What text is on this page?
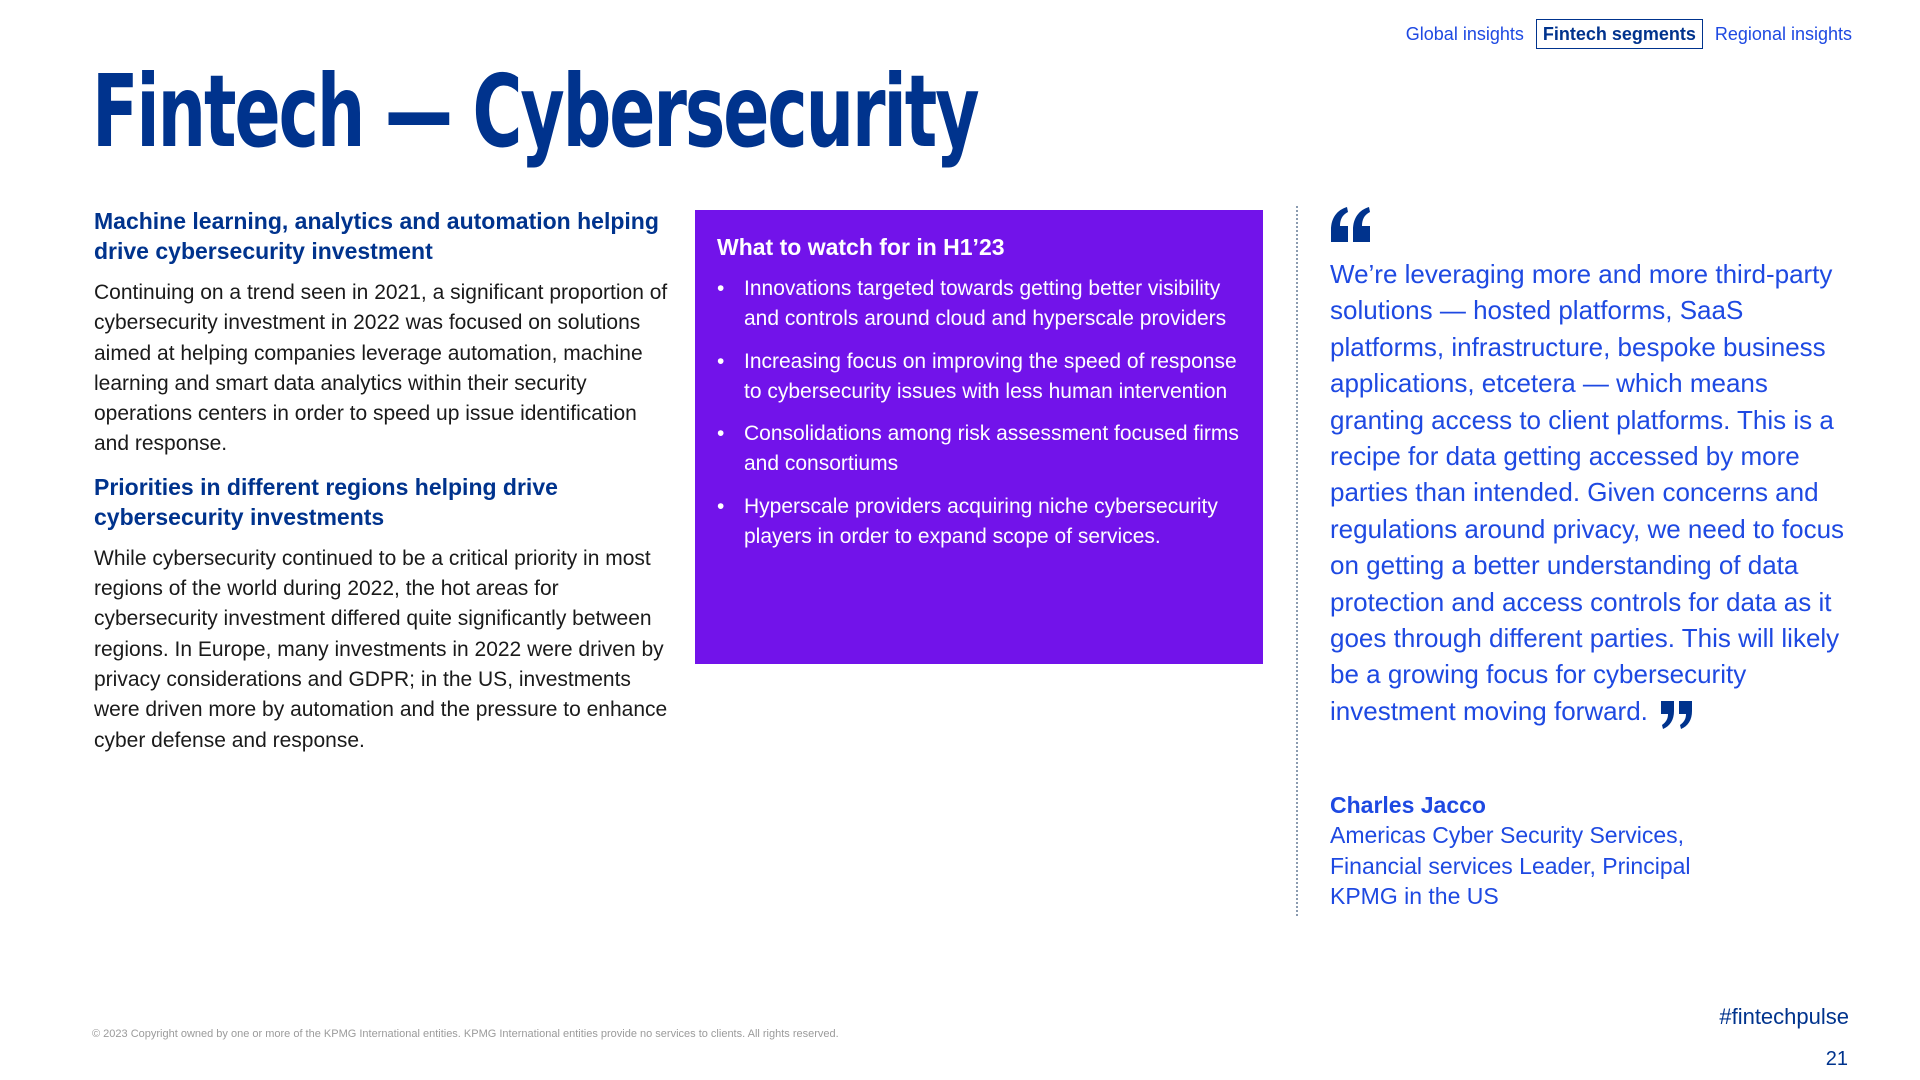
Global insights	Fintech segments	Regional insights
Fintech — Cybersecurity
Machine learning, analytics and automation helping drive cybersecurity investment

Continuing on a trend seen in 2021, a significant proportion of cybersecurity investment in 2022 was focused on solutions aimed at helping companies leverage automation, machine learning and smart data analytics within their security operations centers in order to speed up issue identification and response.

Priorities in different regions helping drive cybersecurity investments

While cybersecurity continued to be a critical priority in most regions of the world during 2022, the hot areas for cybersecurity investment differed quite significantly between regions. In Europe, many investments in 2022 were driven by privacy considerations and GDPR; in the US, investments were driven more by automation and the pressure to enhance cyber defense and response.

What to watch for in H1’23
• Innovations targeted towards getting better visibility and controls around cloud and hyperscale providers
• Increasing focus on improving the speed of response to cybersecurity issues with less human intervention
• Consolidations among risk assessment focused firms and consortiums
• Hyperscale providers acquiring niche cybersecurity players in order to expand scope of services.

We’re leveraging more and more third-party solutions — hosted platforms, SaaS platforms, infrastructure, bespoke business applications, etcetera — which means granting access to client platforms. This is a recipe for data getting accessed by more parties than intended. Given concerns and regulations around privacy, we need to focus on getting a better understanding of data protection and access controls for data as it goes through different parties. This will likely be a growing focus for cybersecurity investment moving forward.

Charles Jacco
Americas Cyber Security Services,
Financial services Leader, Principal
KPMG in the US
© 2023 Copyright owned by one or more of the KPMG International entities. KPMG International entities provide no services to clients. All rights reserved.
#fintechpulse
21
